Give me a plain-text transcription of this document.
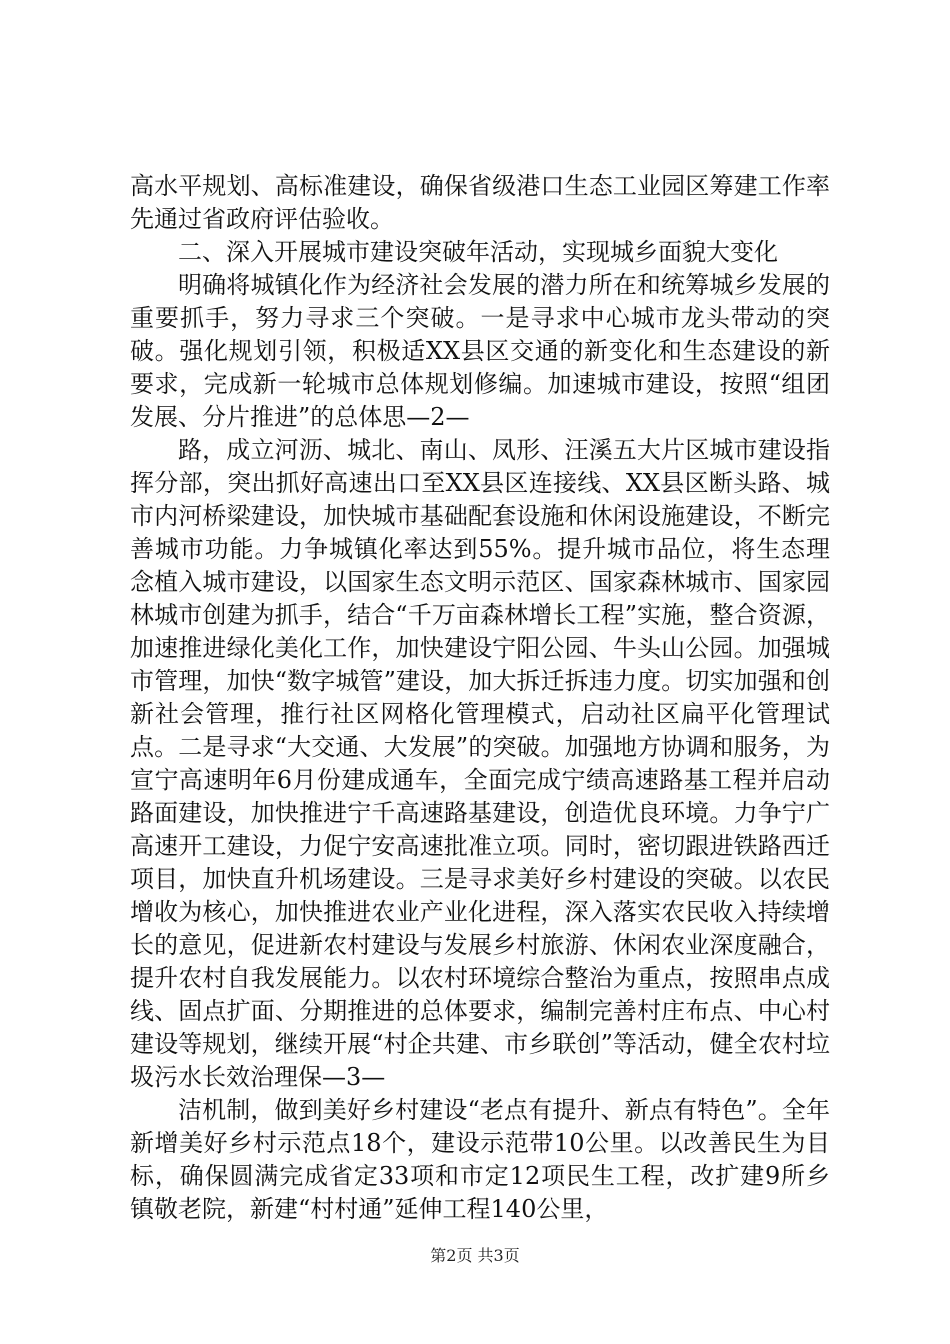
高水平规划、高标准建设，确保省级港口生态工业园区筹建工作率先通过省政府评估验收。

二、深入开展城市建设突破年活动，实现城乡面貌大变化

明确将城镇化作为经济社会发展的潜力所在和统筹城乡发展的重要抓手，努力寻求三个突破。一是寻求中心城市龙头带动的突破。强化规划引领，积极适XX县区交通的新变化和生态建设的新要求，完成新一轮城市总体规划修编。加速城市建设，按照“组团发展、分片推进”的总体思—2—

路，成立河沥、城北、南山、凤形、汪溪五大片区城市建设指挥分部，突出抓好高速出口至XX县区连接线、XX县区断头路、城市内河桥梁建设，加快城市基础配套设施和休闲设施建设，不断完善城市功能。力争城镇化率达到55%。提升城市品位，将生态理念植入城市建设，以国家生态文明示范区、国家森林城市、国家园林城市创建为抓手，结合“千万亩森林增长工程”实施，整合资源，加速推进绿化美化工作，加快建设宁阳公园、牛头山公园。加强城市管理，加快“数字城管”建设，加大拆迁拆违力度。切实加强和创新社会管理，推行社区网格化管理模式，启动社区扁平化管理试点。二是寻求“大交通、大发展”的突破。加强地方协调和服务，为宣宁高速明年6月份建成通车，全面完成宁绩高速路基工程并启动路面建设，加快推进宁千高速路基建设，创造优良环境。力争宁广高速开工建设，力促宁安高速批准立项。同时，密切跟进铁路西迁项目，加快直升机场建设。三是寻求美好乡村建设的突破。以农民增收为核心，加快推进农业产业化进程，深入落实农民收入持续增长的意见，促进新农村建设与发展乡村旅游、休闲农业深度融合，提升农村自我发展能力。以农村环境综合整治为重点，按照串点成线、固点扩面、分期推进的总体要求，编制完善村庄布点、中心村建设等规划，继续开展“村企共建、市乡联创”等活动，健全农村垃圾污水长效治理保—3—

洁机制，做到美好乡村建设“老点有提升、新点有特色”。全年新增美好乡村示范点18个，建设示范带10公里。以改善民生为目标，确保圆满完成省定33项和市定12项民生工程，改扩建9所乡镇敬老院，新建“村村通”延伸工程140公里，

第2页 共3页
